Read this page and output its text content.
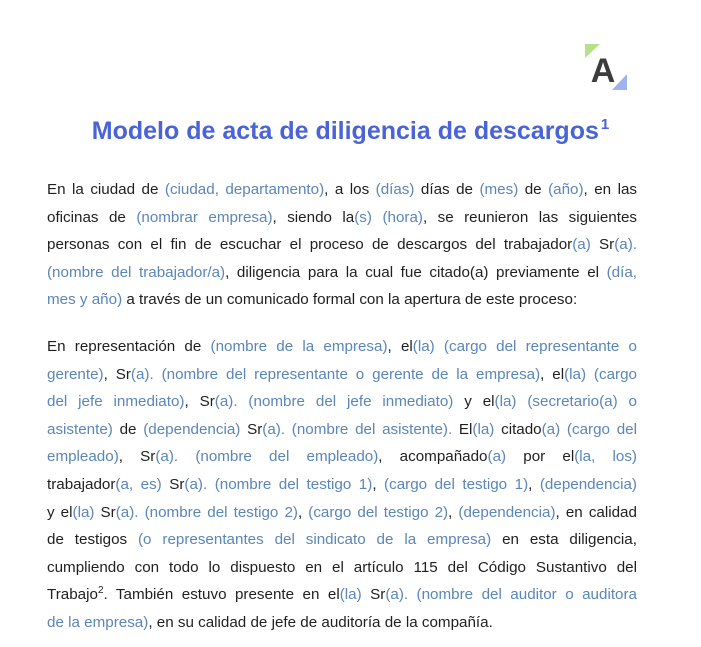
A
Modelo de acta de diligencia de descargos $^1$
En la ciudad de (ciudad, departamento), a los (días) días de (mes) de (año), en las
oficinas de (nombrar empresa), siendo la(s) (hora), se reunieron las siguientes
personas con el fin de escuchar el proceso de descargos del trabajador(a) Sr(a).
(nombre del trabajador/a), diligencia para la cual fue citado(a) previamente el (día,
mes y año) a través de un comunicado formal con la apertura de este proceso:
En representación de (nombre de la empresa), el(la) (cargo del representante o
gerente), Sr(a). (nombre del representante o gerente de la empresa), el(la) (cargo
del jefe inmediato), Sr(a). (nombre del jefe inmediato) y el(la) (secretario(a) o
asistente) de (dependencia) Sr(a). (nombre del asistente). El(la) citado(a) (cargo del
empleado), Sr(a). (nombre del empleado), acompañado(a) por el(la, los)
trabajador(a, es) Sr(a). (nombre del testigo 1), (cargo del testigo 1), (dependencia)
y el(la) Sr(a). (nombre del testigo 2), (cargo del testigo 2), (dependencia), en calidad
de testigos (o representantes del sindicato de la empresa) en esta diligencia,
cumpliendo con todo lo dispuesto en el artículo 115 del Código Sustantivo del
Trabajo$^2$. También estuvo presente en el(la) Sr(a). (nombre del auditor o auditora
de la empresa), en su calidad de jefe de auditoría de la compañía.
